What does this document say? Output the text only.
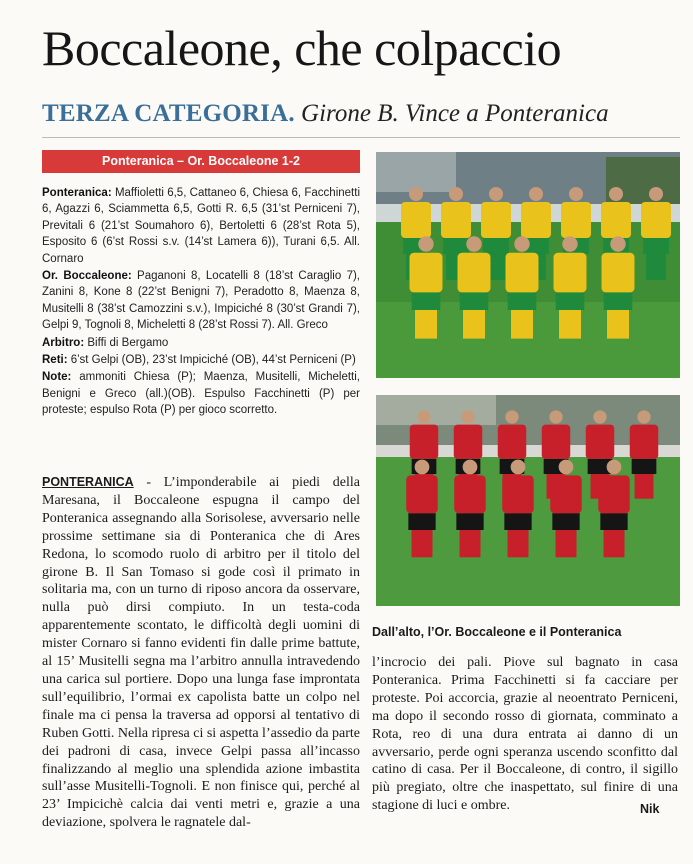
Boccaleone, che colpaccio
TERZA CATEGORIA. Girone B. Vince a Ponteranica
Ponteranica – Or. Boccaleone 1-2

Ponteranica: Maffioletti 6,5, Cattaneo 6, Chiesa 6, Facchinetti 6, Agazzi 6, Sciammetta 6,5, Gotti R. 6,5 (31’st Perniceni 7), Previtali 6 (21’st Soumahoro 6), Bertoletti 6 (28’st Rota 5), Esposito 6 (6’st Rossi s.v. (14’st Lamera 6)), Turani 6,5. All. Cornaro

Or. Boccaleone: Paganoni 8, Locatelli 8 (18’st Caraglio 7), Zanini 8, Kone 8 (22’st Benigni 7), Peradotto 8, Maenza 8, Musitelli 8 (38’st Camozzini s.v.), Impiciché 8 (30’st Grandi 7), Gelpi 9, Tognoli 8, Micheletti 8 (28’st Rossi 7). All. Greco

Arbitro: Biffi di Bergamo

Reti: 6’st Gelpi (OB), 23’st Impiciché (OB), 44’st Perniceni (P)

Note: ammoniti Chiesa (P); Maenza, Musitelli, Micheletti, Benigni e Greco (all.)(OB). Espulso Facchinetti (P) per proteste; espulso Rota (P) per gioco scorretto.

PONTERANICA - L’imponderabile ai piedi della Maresana, il Boccaleone espugna il campo del Ponteranica assegnando alla Sorisolese, avversario nelle prossime settimane sia di Ponteranica che di Ares Redona, lo scomodo ruolo di arbitro per il titolo del girone B. Il San Tomaso si gode così il primato in solitaria ma, con un turno di riposo ancora da osservare, nulla può dirsi compiuto. In un testa-coda apparentemente scontato, le difficoltà degli uomini di mister Cornaro si fanno evidenti fin dalle prime battute, al 15’ Musitelli segna ma l’arbitro annulla intravedendo una carica sul portiere. Dopo una lunga fase improntata sull’equilibrio, l’ormai ex capolista batte un colpo nel finale ma ci pensa la traversa ad opporsi al tentativo di Ruben Gotti. Nella ripresa ci si aspetta l’assedio da parte dei padroni di casa, invece Gelpi passa all’incasso finalizzando al meglio una splendida azione imbastita sull’asse Musitelli-Tognoli. E non finisce qui, perché al 23’ Impicichè calcia dai venti metri e, grazie a una deviazione, spolvera le ragnatele dal-
Dall’alto, l’Or. Boccaleone e il Ponteranica
l’incrocio dei pali. Piove sul bagnato in casa Ponteranica. Prima Facchinetti si fa cacciare per proteste. Poi accorcia, grazie al neoentrato Perniceni, ma dopo il secondo rosso di giornata, comminato a Rota, reo di una dura entrata ai danno di un avversario, perde ogni speranza uscendo sconfitto dal catino di casa. Per il Boccaleone, di contro, il sigillo più pregiato, oltre che inaspettato, sul finire di una stagione di luci e ombre.	Nik
